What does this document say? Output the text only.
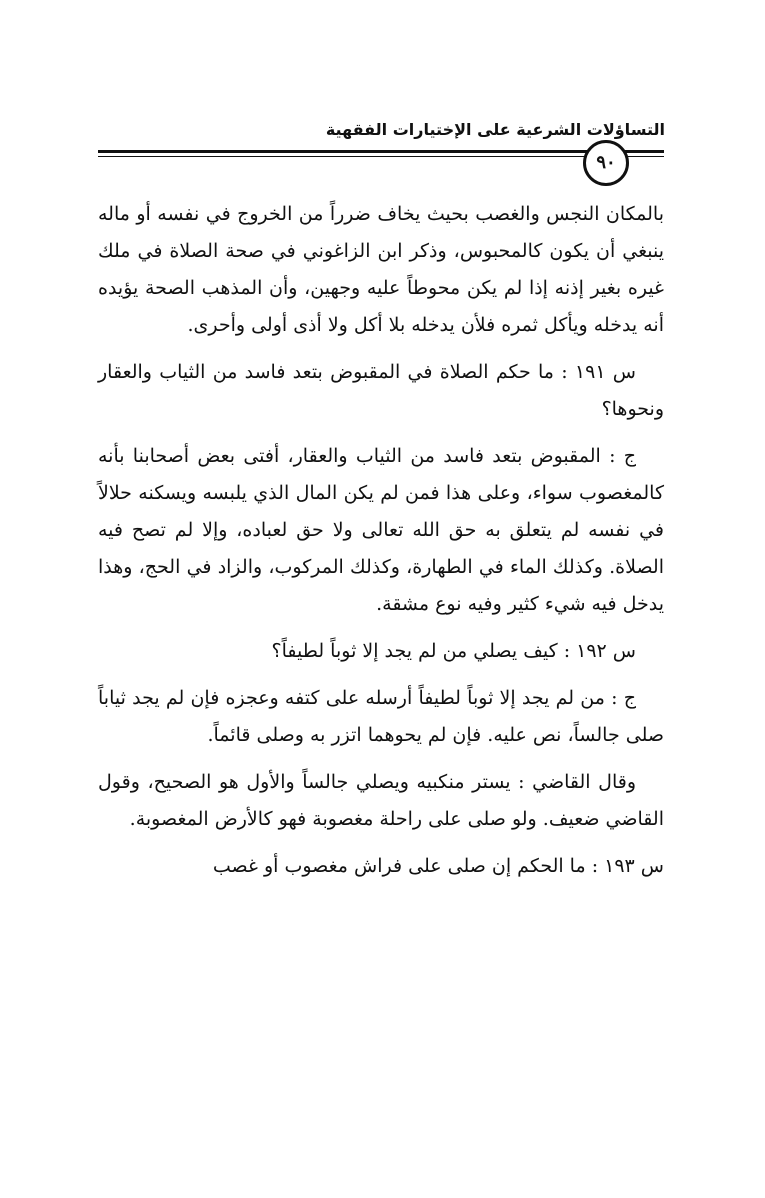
التساؤلات الشرعية على الإختيارات الفقهية
٩٠

بالمكان النجس والغصب بحيث يخاف ضرراً من الخروج في نفسه أو ماله ينبغي أن يكون كالمحبوس، وذكر ابن الزاغوني في صحة الصلاة في ملك غيره بغير إذنه إذا لم يكن محوطاً عليه وجهين، وأن المذهب الصحة يؤيده أنه يدخله ويأكل ثمره فلأن يدخله بلا أكل ولا أذى أولى وأحرى.

س ١٩١ : ما حكم الصلاة في المقبوض بتعد فاسد من الثياب والعقار ونحوها؟

ج : المقبوض بتعد فاسد من الثياب والعقار، أفتى بعض أصحابنا بأنه كالمغصوب سواء، وعلى هذا فمن لم يكن المال الذي يلبسه ويسكنه حلالاً في نفسه لم يتعلق به حق الله تعالى ولا حق لعباده، وإلا لم تصح فيه الصلاة. وكذلك الماء في الطهارة، وكذلك المركوب، والزاد في الحج، وهذا يدخل فيه شيء كثير وفيه نوع مشقة.

س ١٩٢ : كيف يصلي من لم يجد إلا ثوباً لطيفاً؟

ج : من لم يجد إلا ثوباً لطيفاً أرسله على كتفه وعجزه فإن لم يجد ثياباً صلى جالساً، نص عليه. فإن لم يحوهما اتزر به وصلى قائماً.

وقال القاضي : يستر منكبيه ويصلي جالساً والأول هو الصحيح، وقول القاضي ضعيف. ولو صلى على راحلة مغصوبة فهو كالأرض المغصوبة.

س ١٩٣ : ما الحكم إن صلى على فراش مغصوب أو غصب
